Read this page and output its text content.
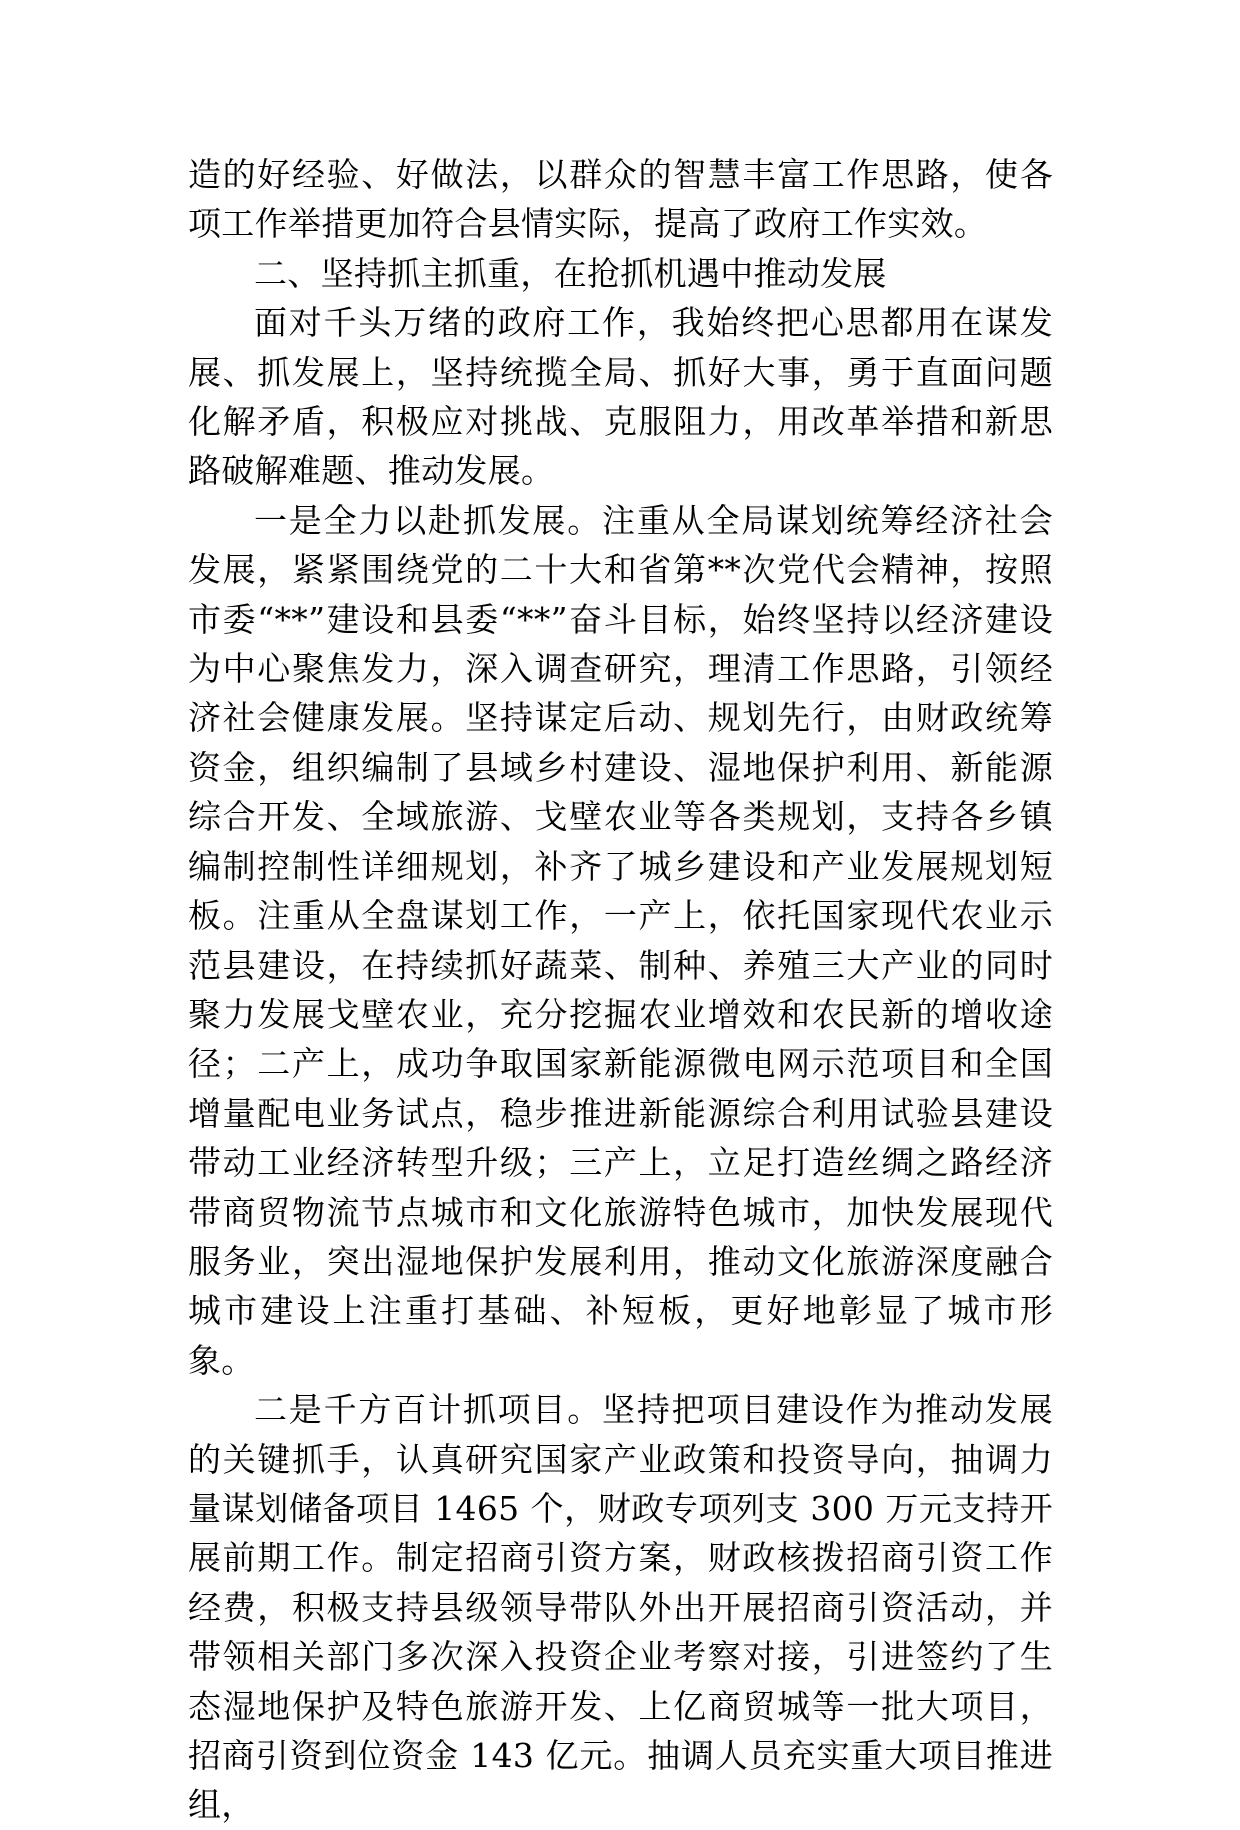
造的好经验、好做法，以群众的智慧丰富工作思路，使各项工作举措更加符合县情实际，提高了政府工作实效。

二、坚持抓主抓重，在抢抓机遇中推动发展

面对千头万绪的政府工作，我始终把心思都用在谋发展、抓发展上，坚持统揽全局、抓好大事，勇于直面问题化解矛盾，积极应对挑战、克服阻力，用改革举措和新思路破解难题、推动发展。

一是全力以赴抓发展。注重从全局谋划统筹经济社会发展，紧紧围绕党的二十大和省第**次党代会精神，按照市委“**”建设和县委“**”奋斗目标，始终坚持以经济建设为中心聚焦发力，深入调查研究，理清工作思路，引领经济社会健康发展。坚持谋定后动、规划先行，由财政统筹资金，组织编制了县域乡村建设、湿地保护利用、新能源综合开发、全域旅游、戈壁农业等各类规划，支持各乡镇编制控制性详细规划，补齐了城乡建设和产业发展规划短板。注重从全盘谋划工作，一产上，依托国家现代农业示范县建设，在持续抓好蔬菜、制种、养殖三大产业的同时聚力发展戈壁农业，充分挖掘农业增效和农民新的增收途径；二产上，成功争取国家新能源微电网示范项目和全国增量配电业务试点，稳步推进新能源综合利用试验县建设带动工业经济转型升级；三产上，立足打造丝绸之路经济带商贸物流节点城市和文化旅游特色城市，加快发展现代服务业，突出湿地保护发展利用，推动文化旅游深度融合城市建设上注重打基础、补短板，更好地彰显了城市形象。

二是千方百计抓项目。坚持把项目建设作为推动发展的关键抓手，认真研究国家产业政策和投资导向，抽调力量谋划储备项目 1465 个，财政专项列支 300 万元支持开展前期工作。制定招商引资方案，财政核拨招商引资工作经费，积极支持县级领导带队外出开展招商引资活动，并带领相关部门多次深入投资企业考察对接，引进签约了生态湿地保护及特色旅游开发、上亿商贸城等一批大项目，招商引资到位资金 143 亿元。抽调人员充实重大项目推进组，
